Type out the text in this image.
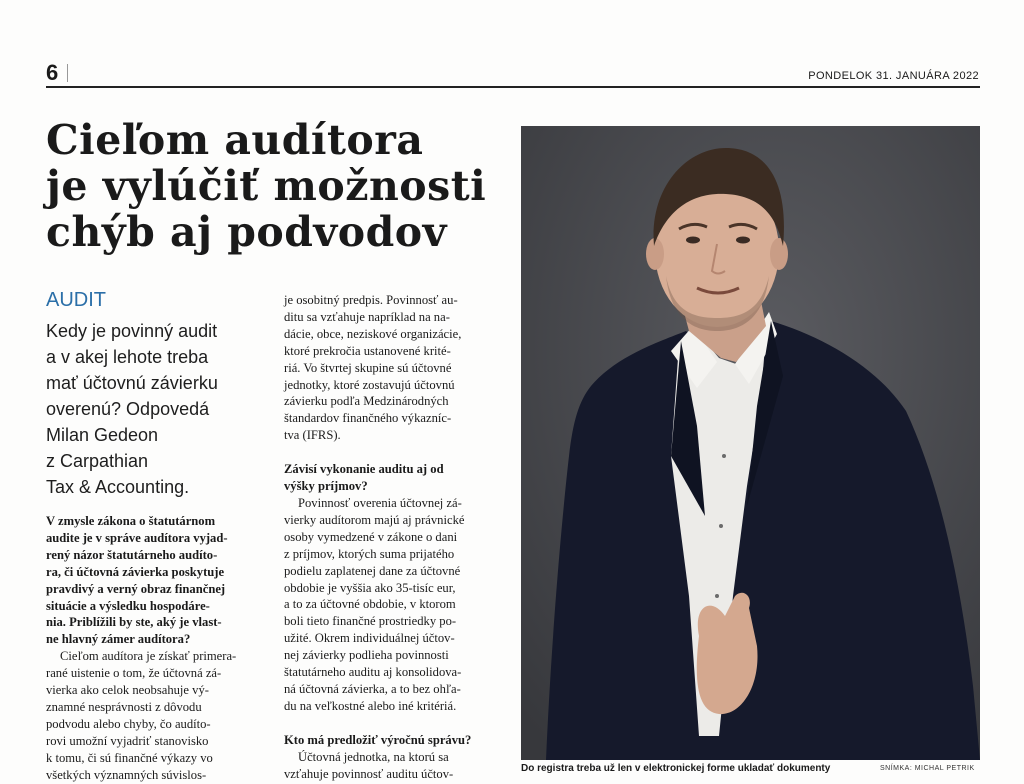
6	PONDELOK 31. JANUÁRA 2022
Cieľom audítora
je vylúčiť možnosti
chýb aj podvodov
AUDIT
Kedy je povinný audit
a v akej lehote treba
mať účtovnú závierku
overenú? Odpovedá
Milan Gedeon
z Carpathian
Tax & Accounting.
V zmysle zákona o štatutárnom
audite je v správe audítora vyjad-
rený názor štatutárneho audíto-
ra, či účtovná závierka poskytuje
pravdivý a verný obraz finančnej
situácie a výsledku hospodáre-
nia. Priblížili by ste, aký je vlast-
ne hlavný zámer audítora?
Cieľom audítora je získať primera-
rané uistenie o tom, že účtovná zá-
vierka ako celok neobsahuje vý-
znamné nesprávnosti z dôvodu
podvodu alebo chyby, čo audíto-
rovi umožní vyjadriť stanovisko
k tomu, či sú finančné výkazy vo
všetkých významných súvislos-
je osobitný predpis. Povinnosť au-
ditu sa vzťahuje napríklad na na-
dácie, obce, neziskové organizácie,
ktoré prekročia ustanovené krité-
riá. Vo štvrtej skupine sú účtovné
jednotky, ktoré zostavujú účtovnú
závierku podľa Medzinárodných
štandardov finančného výkazníc-
tva (IFRS).
Závisí vykonanie auditu aj od
výšky príjmov?
Povinnosť overenia účtovnej zá-
vierky audítorom majú aj právnické
osoby vymedzené v zákone o dani
z príjmov, ktorých suma prijatého
podielu zaplatenej dane za účtovné
obdobie je vyššia ako 35-tisíc eur,
a to za účtovné obdobie, v ktorom
boli tieto finančné prostriedky po-
užité. Okrem individuálnej účtov-
nej závierky podlieha povinnosti
štatutárneho auditu aj konsolidova-
ná účtovná závierka, a to bez ohľa-
du na veľkostné alebo iné kritériá.
Kto má predložiť výročnú správu?
Účtovná jednotka, na ktorú sa
vzťahuje povinnosť auditu účtov-	Do registra treba už len v elektronickej forme ukladať dokumenty	SNÍMKA: MICHAL PETRIK
